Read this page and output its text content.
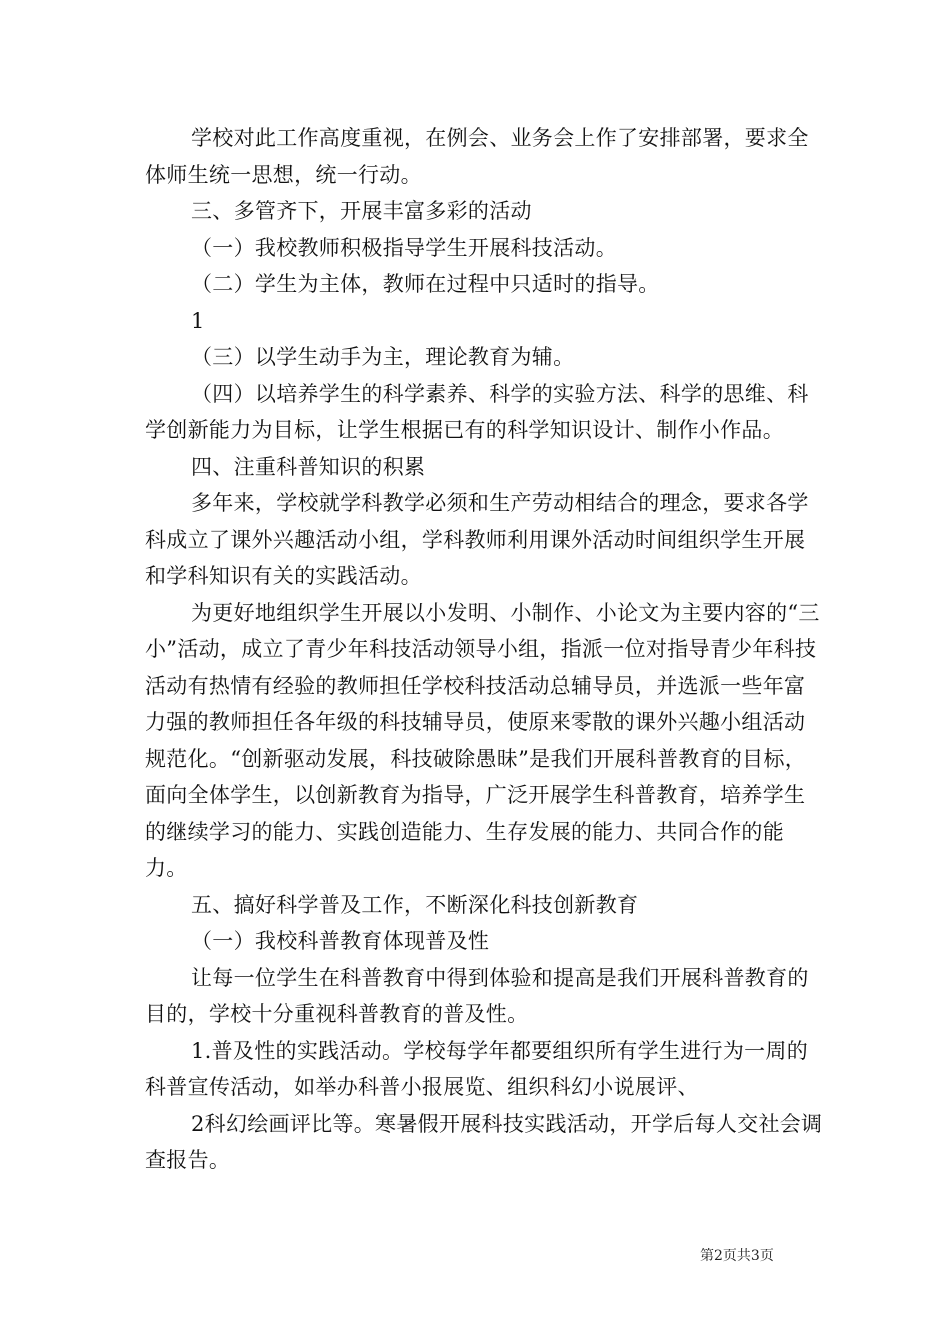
学校对此工作高度重视，在例会、业务会上作了安排部署，要求全体师生统一思想，统一行动。

三、多管齐下，开展丰富多彩的活动

（一）我校教师积极指导学生开展科技活动。

（二）学生为主体，教师在过程中只适时的指导。

1

（三）以学生动手为主，理论教育为辅。

（四）以培养学生的科学素养、科学的实验方法、科学的思维、科学创新能力为目标，让学生根据已有的科学知识设计、制作小作品。

四、注重科普知识的积累

多年来，学校就学科教学必须和生产劳动相结合的理念，要求各学科成立了课外兴趣活动小组，学科教师利用课外活动时间组织学生开展和学科知识有关的实践活动。

为更好地组织学生开展以小发明、小制作、小论文为主要内容的“三小”活动，成立了青少年科技活动领导小组，指派一位对指导青少年科技活动有热情有经验的教师担任学校科技活动总辅导员，并选派一些年富力强的教师担任各年级的科技辅导员，使原来零散的课外兴趣小组活动规范化。“创新驱动发展，科技破除愚昧”是我们开展科普教育的目标，面向全体学生，以创新教育为指导，广泛开展学生科普教育，培养学生的继续学习的能力、实践创造能力、生存发展的能力、共同合作的能力。

五、搞好科学普及工作，不断深化科技创新教育

（一）我校科普教育体现普及性

让每一位学生在科普教育中得到体验和提高是我们开展科普教育的目的，学校十分重视科普教育的普及性。

1.普及性的实践活动。学校每学年都要组织所有学生进行为一周的科普宣传活动，如举办科普小报展览、组织科幻小说展评、

2科幻绘画评比等。寒暑假开展科技实践活动，开学后每人交社会调查报告。

第2页共3页
